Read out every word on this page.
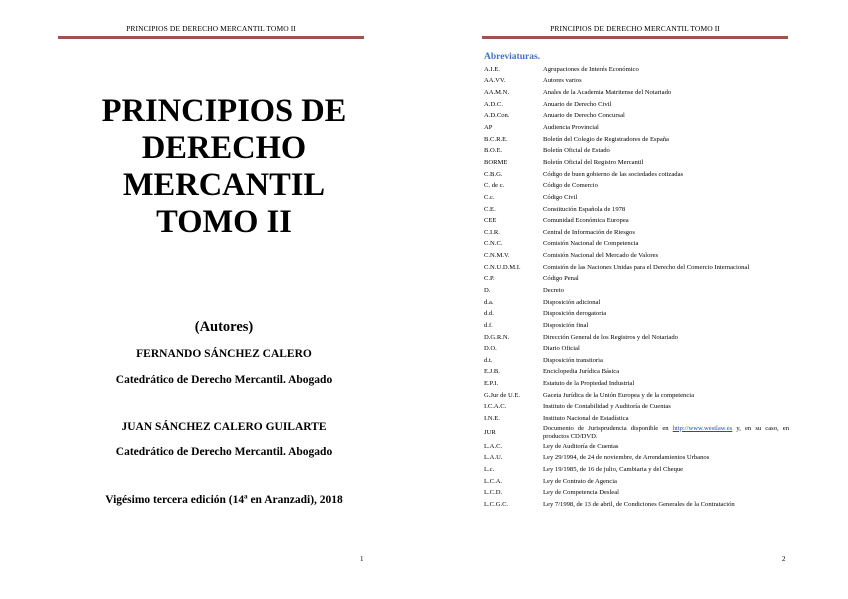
PRINCIPIOS DE DERECHO MERCANTIL TOMO II
PRINCIPIOS DE
DERECHO
MERCANTIL
TOMO II
(Autores)
FERNANDO SÁNCHEZ CALERO
Catedrático de Derecho Mercantil. Abogado
JUAN SÁNCHEZ CALERO GUILARTE
Catedrático de Derecho Mercantil. Abogado
Vigésimo tercera edición (14ª en Aranzadi), 2018
1
PRINCIPIOS DE DERECHO MERCANTIL TOMO II
Abreviaturas.
A.I.E.	Agrupaciones de Interés Económico
AA.VV.	Autores varios
AA.M.N.	Anales de la Academia Matritense del Notariado
A.D.C.	Anuario de Derecho Civil
A.D.Con.	Anuario de Derecho Concursal
AP	Audiencia Provincial
B.C.R.E.	Boletín del Colegio de Registradores de España
B.O.E.	Boletín Oficial de Estado
BORME	Boletín Oficial del Registro Mercantil
C.B.G.	Código de buen gobierno de las sociedades cotizadas
C. de c.	Código de Comercio
C.c.	Código Civil
C.E.	Constitución Española de 1978
CEE	Comunidad Económica Europea
C.I.R.	Central de Información de Riesgos
C.N.C.	Comisión Nacional de Competencia
C.N.M.V.	Comisión Nacional del Mercado de Valores
C.N.U.D.M.I.	Comisión de las Naciones Unidas para el Derecho del Comercio Internacional
C.P.	Código Penal
D.	Decreto
d.a.	Disposición adicional
d.d.	Disposición derogatoria
d.f.	Disposición final
D.G.R.N.	Dirección General de los Registros y del Notariado
D.O.	Diario Oficial
d.t.	Disposición transitoria
E.J.B.	Enciclopedia Jurídica Básica
E.P.I.	Estatuto de la Propiedad Industrial
G.Jur de U.E.	Gaceta Jurídica de la Unión Europea y de la competencia
I.C.A.C.	Instituto de Contabilidad y Auditoría de Cuentas
I.N.E.	Instituto Nacional de Estadística
JUR	Documento de Jurisprudencia disponible en http://www.westlaw.es y, en su caso, en productos CD/DVD.
L.A.C.	Ley de Auditoría de Cuentas
L.A.U.	Ley 29/1994, de 24 de noviembre, de Arrendamientos Urbanos
L.c.	Ley 19/1985, de 16 de julio, Cambiaria y del Cheque
L.C.A.	Ley de Contrato de Agencia
L.C.D.	Ley de Competencia Desleal
L.C.G.C.	Ley 7/1998, de 13 de abril, de Condiciones Generales de la Contratación
2
